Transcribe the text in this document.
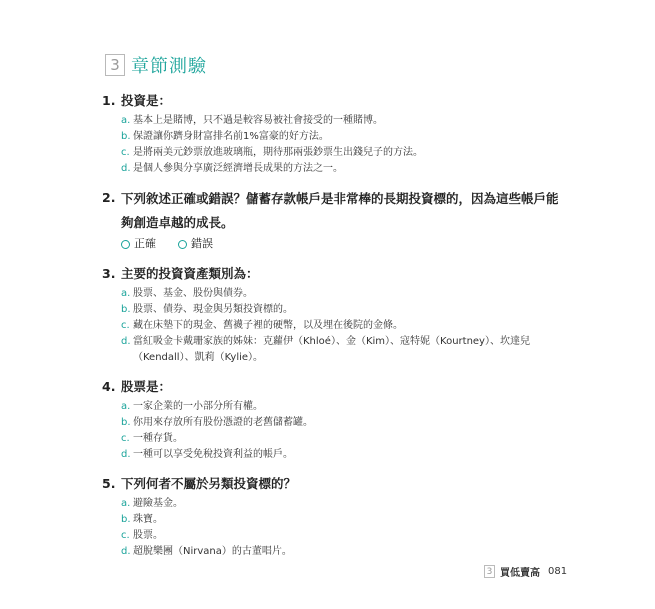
3 章節測驗
1. 投資是：
a. 基本上是賭博，只不過是較容易被社會接受的一種賭博。
b. 保證讓你躋身財富排名前1%富豪的好方法。
c. 是將兩美元鈔票放進玻璃瓶，期待那兩張鈔票生出錢兒子的方法。
d. 是個人參與分享廣泛經濟增長成果的方法之一。
2. 下列敘述正確或錯誤？儲蓄存款帳戶是非常棒的長期投資標的，因為這些帳戶能夠創造卓越的成長。
正確	錯誤
3. 主要的投資資產類別為：
a. 股票、基金、股份與債券。
b. 股票、債券、現金與另類投資標的。
c. 藏在床墊下的現金、舊襪子裡的硬幣，以及埋在後院的金條。
d. 當紅吸金卡戴珊家族的姊妹：克蘿伊（Khloé）、金（Kim）、寇特妮（Kourtney）、坎達兒（Kendall）、凱莉（Kylie）。
4. 股票是：
a. 一家企業的一小部分所有權。
b. 你用來存放所有股份憑證的老舊儲蓄罐。
c. 一種存貨。
d. 一種可以享受免稅投資利益的帳戶。
5. 下列何者不屬於另類投資標的？
a. 避險基金。
b. 珠寶。
c. 股票。
d. 超脫樂團（Nirvana）的古董唱片。
3 買低賣高 081
